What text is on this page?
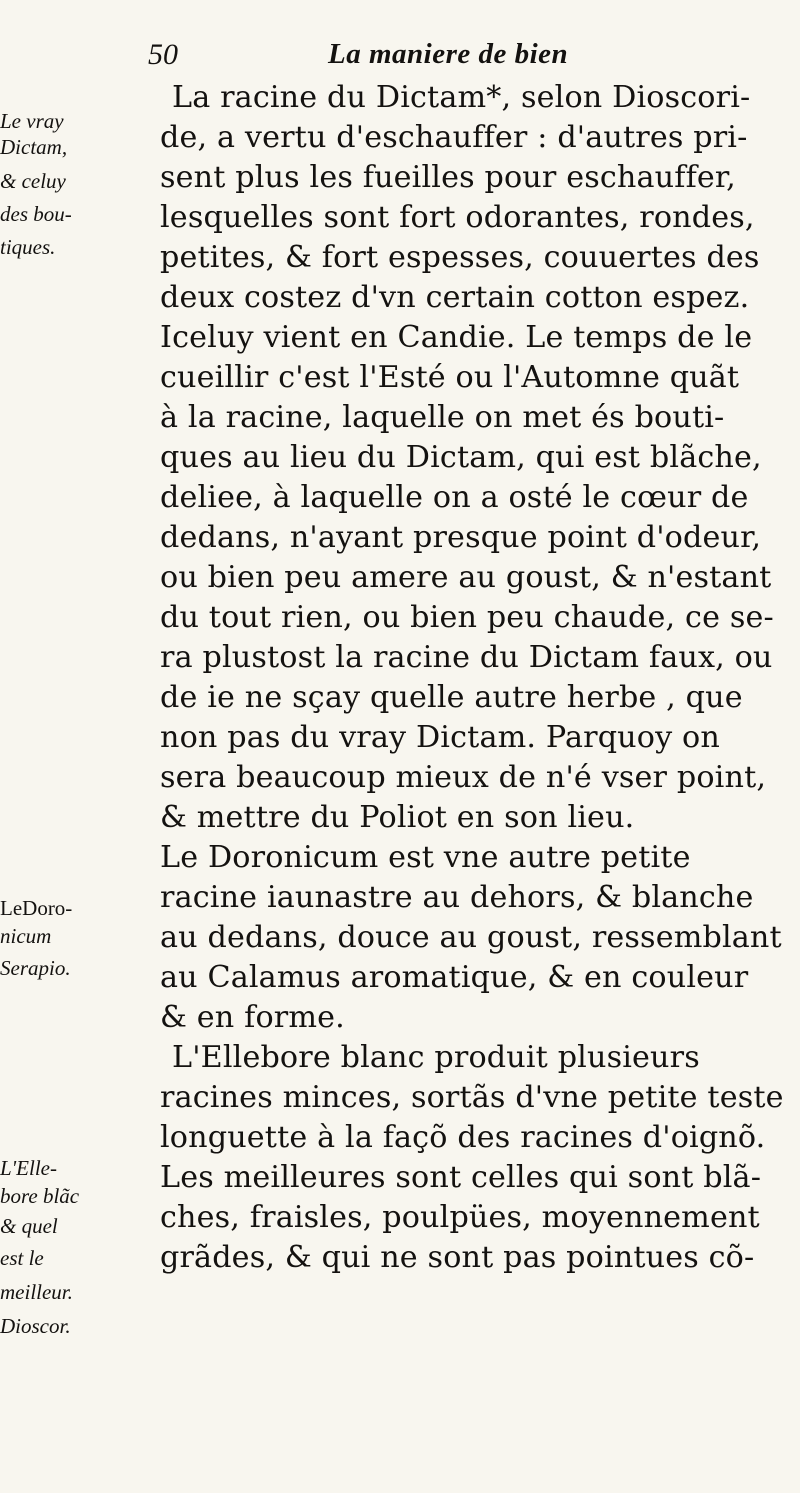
50	La maniere de bien
La racine du Dictam*, selon Dioscori-
de, a vertu d'eschauffer : d'autres pri-
sent plus les fueilles pour eschauffer,
lesquelles sont fort odorantes, rondes,
petites, & fort espesses, couuertes des
deux costez d'vn certain cotton espez.
Iceluy vient en Candie. Le temps de le
cueillir c'est l'Esté ou l'Automne quãt
à la racine, laquelle on met és bouti-
ques au lieu du Dictam, qui est blãche,
deliee, à laquelle on a osté le cœur de
dedans, n'ayant presque point d'odeur,
ou bien peu amere au goust, & n'estant
du tout rien, ou bien peu chaude, ce se-
ra plustost la racine du Dictam faux, ou
de ie ne sçay quelle autre herbe , que
non pas du vray Dictam. Parquoy on
sera beaucoup mieux de n'é vser point,
& mettre du Poliot en son lieu.
Le Doronicum est vne autre petite
racine iaunastre au dehors, & blanche
au dedans, douce au goust, ressemblant
au Calamus aromatique, & en couleur
& en forme.
L'Ellebore blanc produit plusieurs
racines minces, sortãs d'vne petite teste
longuette à la façõ des racines d'oignõ.
Les meilleures sont celles qui sont blã-
ches, fraisles, poulpües, moyennement
grãdes, & qui ne sont pas pointues cõ-
Le vray
Dictam,
& celuy
des bou-
tiques.
LeDoro-
nicum
Serapio.
L'Elle-
bore blãc
& quel
est le
meilleur.
Dioscor.
